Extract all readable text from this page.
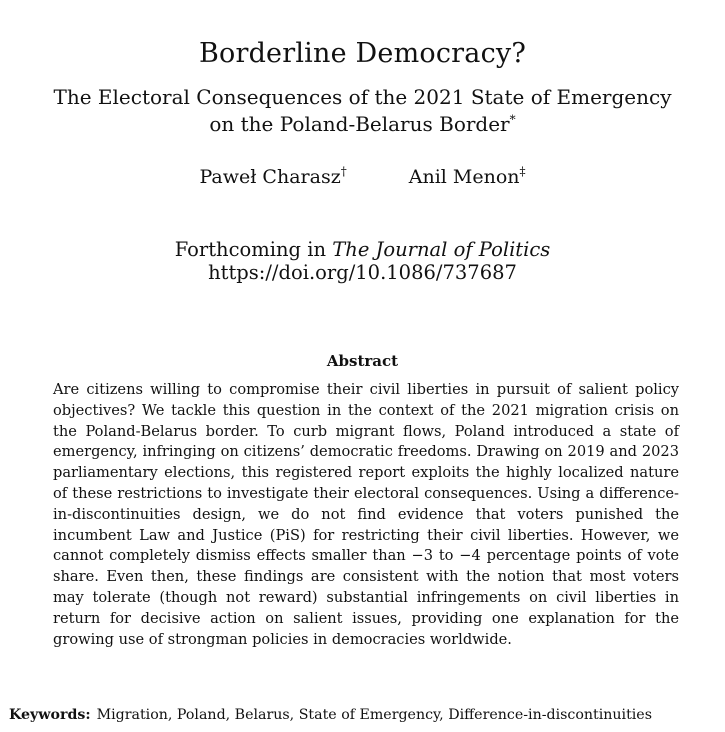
Borderline Democracy?

The Electoral Consequences of the 2021 State of Emergency on the Poland-Belarus Border*

Paweł Charasz†	Anil Menon‡
Forthcoming in The Journal of Politics
https://doi.org/10.1086/737687
Abstract

Are citizens willing to compromise their civil liberties in pursuit of salient policy objectives? We tackle this question in the context of the 2021 migration crisis on the Poland-Belarus border. To curb migrant flows, Poland introduced a state of emergency, infringing on citizens’ democratic freedoms. Drawing on 2019 and 2023 parliamentary elections, this registered report exploits the highly localized nature of these restrictions to investigate their electoral consequences. Using a difference-in-discontinuities design, we do not find evidence that voters punished the incumbent Law and Justice (PiS) for restricting their civil liberties. However, we cannot completely dismiss effects smaller than −3 to −4 percentage points of vote share. Even then, these findings are consistent with the notion that most voters may tolerate (though not reward) substantial infringements on civil liberties in return for decisive action on salient issues, providing one explanation for the growing use of strongman policies in democracies worldwide.

Keywords: Migration, Poland, Belarus, State of Emergency, Difference-in-discontinuities
